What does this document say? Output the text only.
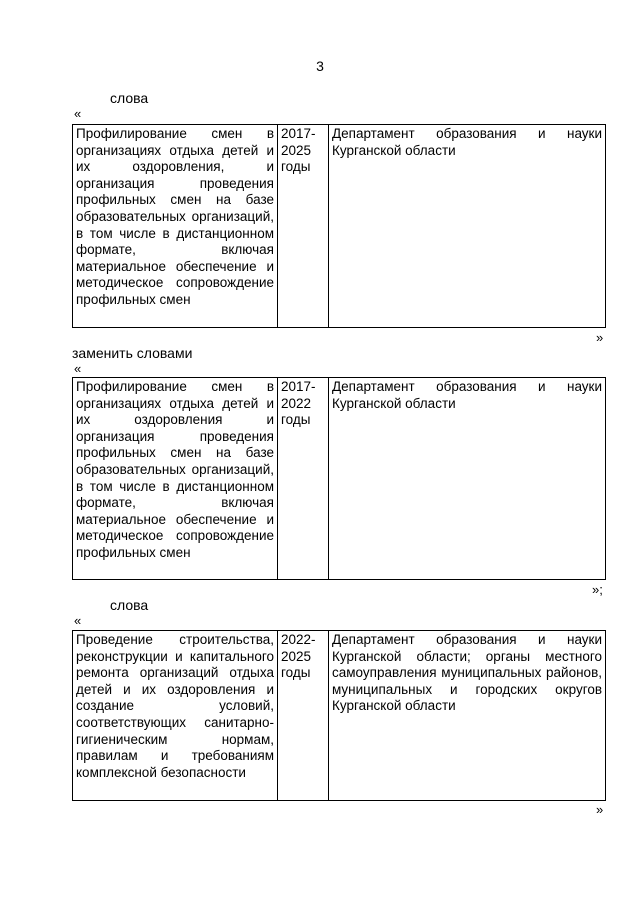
3
слова
«
Профилирование смен в организациях отдыха детей и их оздоровления, и организация проведения профильных смен на базе образовательных организаций, в том числе в дистанционном формате, включая материальное обеспечение и методическое сопровождение профильных смен	2017-2025 годы	Департамент образования и науки Курганской области
»
заменить словами
«
Профилирование смен в организациях отдыха детей и их оздоровления и организация проведения профильных смен на базе образовательных организаций, в том числе в дистанционном формате, включая материальное обеспечение и методическое сопровождение профильных смен	2017-2022 годы	Департамент образования и науки Курганской области
»;
слова
«
Проведение строительства, реконструкции и капитального ремонта организаций отдыха детей и их оздоровления и создание условий, соответствующих санитарно-гигиеническим нормам, правилам и требованиям комплексной безопасности	2022-2025 годы	Департамент образования и науки Курганской области; органы местного самоуправления муниципальных районов, муниципальных и городских округов Курганской области
»
